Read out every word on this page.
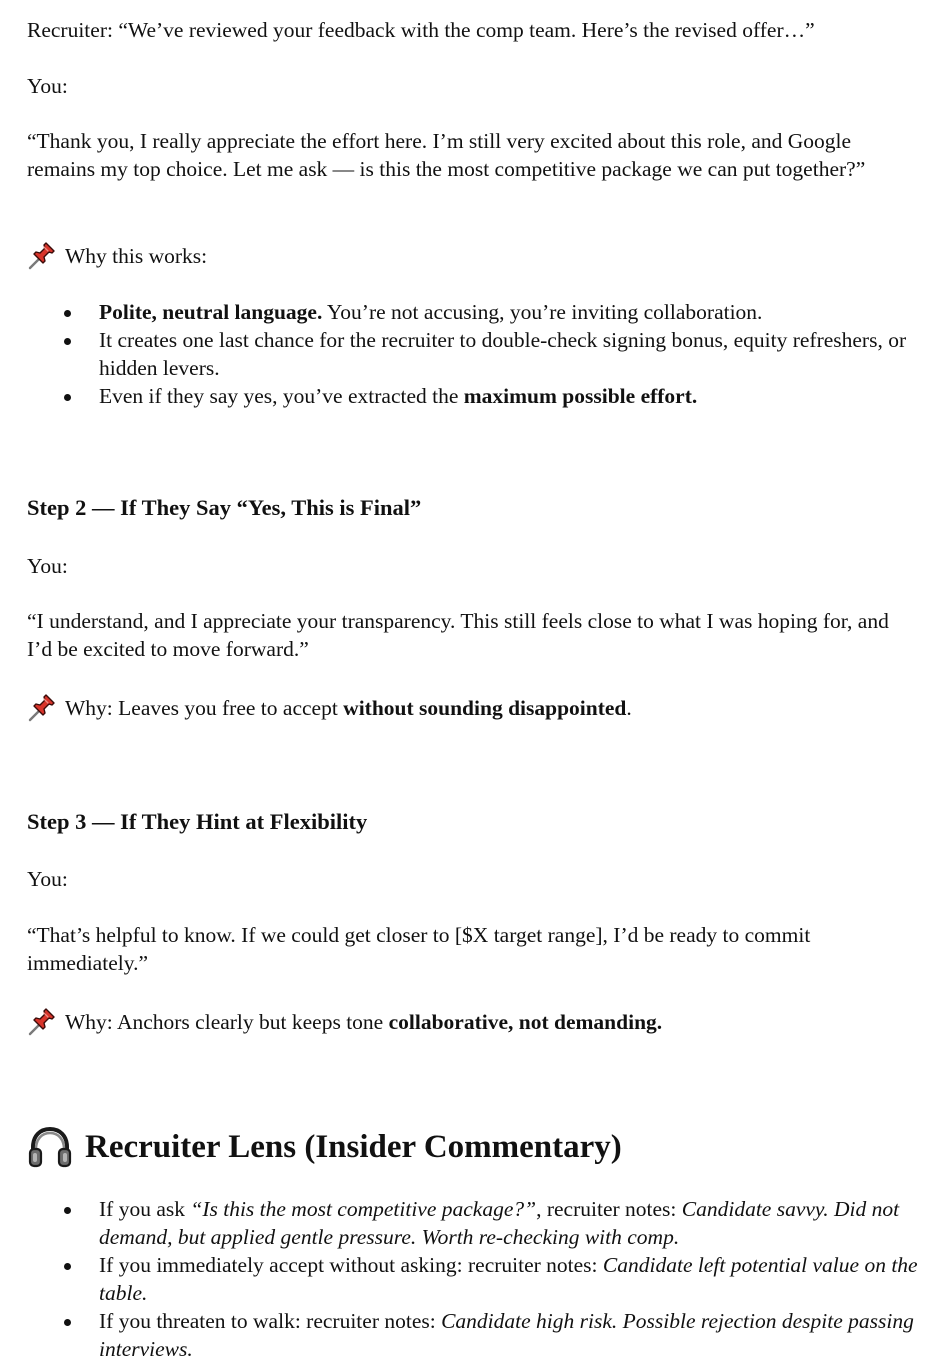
Recruiter: “We’ve reviewed your feedback with the comp team. Here’s the revised offer…”

You:

“Thank you, I really appreciate the effort here. I’m still very excited about this role, and Google remains my top choice. Let me ask — is this the most competitive package we can put together?”

Why this works:
Polite, neutral language. You’re not accusing, you’re inviting collaboration.
It creates one last chance for the recruiter to double-check signing bonus, equity refreshers, or hidden levers.
Even if they say yes, you’ve extracted the maximum possible effort.

Step 2 — If They Say “Yes, This is Final”

You:

“I understand, and I appreciate your transparency. This still feels close to what I was hoping for, and I’d be excited to move forward.”

Why: Leaves you free to accept without sounding disappointed.

Step 3 — If They Hint at Flexibility

You:

“That’s helpful to know. If we could get closer to [$X target range], I’d be ready to commit immediately.”

Why: Anchors clearly but keeps tone collaborative, not demanding.
Recruiter Lens (Insider Commentary)
If you ask “Is this the most competitive package?”, recruiter notes: Candidate savvy. Did not demand, but applied gentle pressure. Worth re-checking with comp.
If you immediately accept without asking: recruiter notes: Candidate left potential value on the table.
If you threaten to walk: recruiter notes: Candidate high risk. Possible rejection despite passing interviews.
